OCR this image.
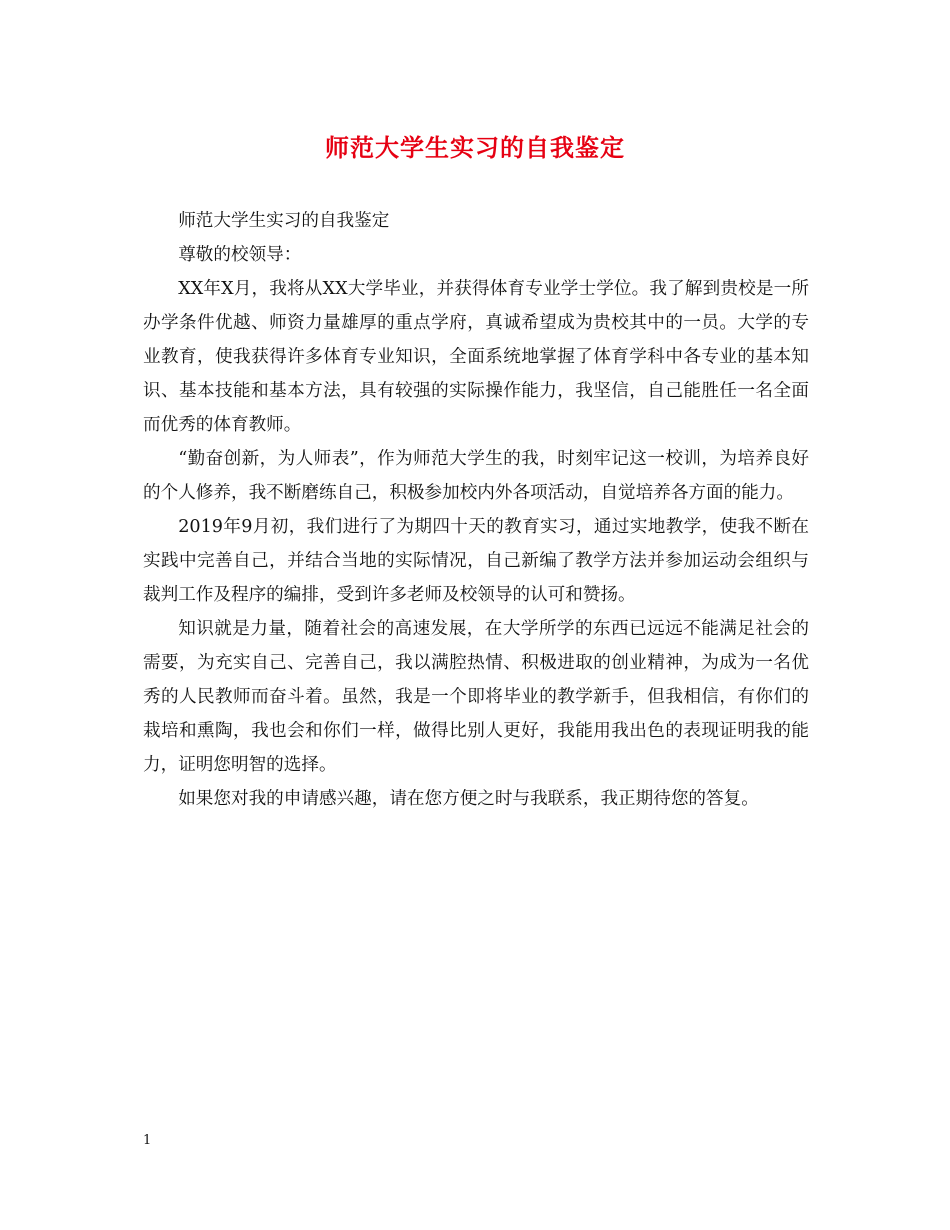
师范大学生实习的自我鉴定

师范大学生实习的自我鉴定

尊敬的校领导：

XX年X月，我将从XX大学毕业，并获得体育专业学士学位。我了解到贵校是一所办学条件优越、师资力量雄厚的重点学府，真诚希望成为贵校其中的一员。大学的专业教育，使我获得许多体育专业知识，全面系统地掌握了体育学科中各专业的基本知识、基本技能和基本方法，具有较强的实际操作能力，我坚信，自己能胜任一名全面而优秀的体育教师。

“勤奋创新，为人师表”，作为师范大学生的我，时刻牢记这一校训，为培养良好的个人修养，我不断磨练自己，积极参加校内外各项活动，自觉培养各方面的能力。

2019年9月初，我们进行了为期四十天的教育实习，通过实地教学，使我不断在实践中完善自己，并结合当地的实际情况，自己新编了教学方法并参加运动会组织与裁判工作及程序的编排，受到许多老师及校领导的认可和赞扬。

知识就是力量，随着社会的高速发展，在大学所学的东西已远远不能满足社会的需要，为充实自己、完善自己，我以满腔热情、积极进取的创业精神，为成为一名优秀的人民教师而奋斗着。虽然，我是一个即将毕业的教学新手，但我相信，有你们的栽培和熏陶，我也会和你们一样，做得比别人更好，我能用我出色的表现证明我的能力，证明您明智的选择。

如果您对我的申请感兴趣，请在您方便之时与我联系，我正期待您的答复。

1
